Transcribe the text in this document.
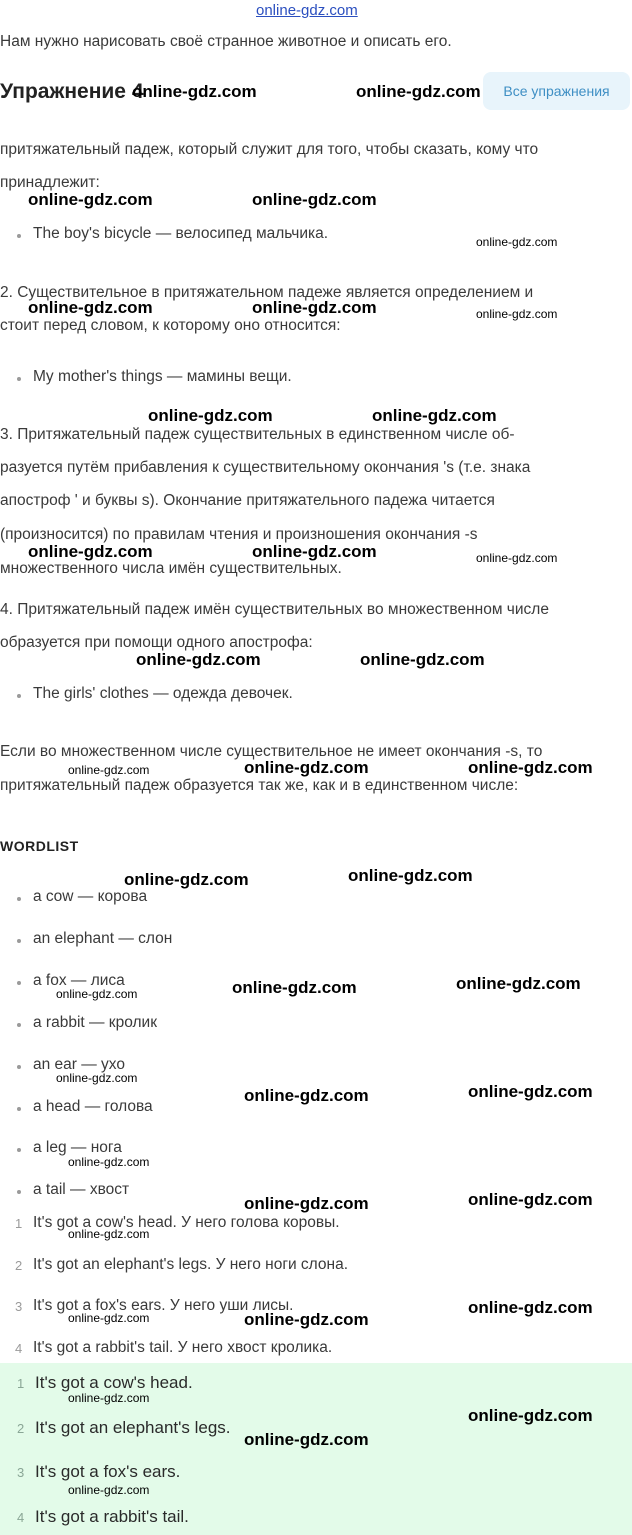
online-gdz.com
Нам нужно нарисовать своё странное животное и описать его.
Упражнение 4	Все упражнения
притяжательный падеж, который служит для того, чтобы сказать, кому что
принадлежит:
The boy's bicycle — велосипед мальчика.
2. Существительное в притяжательном падеже является определением и
стоит перед словом, к которому оно относится:
My mother's things — мамины вещи.
3. Притяжательный падеж существительных в единственном числе об-
разуется путём прибавления к существительному окончания 's (т.е. знака
апостроф ' и буквы s). Окончание притяжательного падежа читается
(произносится) по правилам чтения и произношения окончания -s
множественного числа имён существительных.
4. Притяжательный падеж имён существительных во множественном числе
образуется при помощи одного апострофа:
The girls' clothes — одежда девочек.
Если во множественном числе существительное не имеет окончания -s, то
притяжательный падеж образуется так же, как и в единственном числе:
WORDLIST
a cow — корова
an elephant — слон
a fox — лиса
a rabbit — кролик
an ear — ухо
a head — голова
a leg — нога
a tail — хвост
1 It's got a cow's head. У него голова коровы.
2 It's got an elephant's legs. У него ноги слона.
3 It's got a fox's ears. У него уши лисы.
4 It's got a rabbit's tail. У него хвост кролика.
1 It's got a cow's head.
2 It's got an elephant's legs.
3 It's got a fox's ears.
4 It's got a rabbit's tail.
online-gdz.com	online-gdz.com
online-gdz.com	online-gdz.com
online-gdz.com
online-gdz.com	online-gdz.com	online-gdz.com
online-gdz.com	online-gdz.com
online-gdz.com	online-gdz.com	online-gdz.com
online-gdz.com	online-gdz.com
online-gdz.com	online-gdz.com	online-gdz.com
online-gdz.com	online-gdz.com
online-gdz.com	online-gdz.com	online-gdz.com
online-gdz.com
online-gdz.com	online-gdz.com
online-gdz.com
online-gdz.com	online-gdz.com
online-gdz.com
online-gdz.com	online-gdz.com
online-gdz.com
online-gdz.com
online-gdz.com
online-gdz.com
online-gdz.com
